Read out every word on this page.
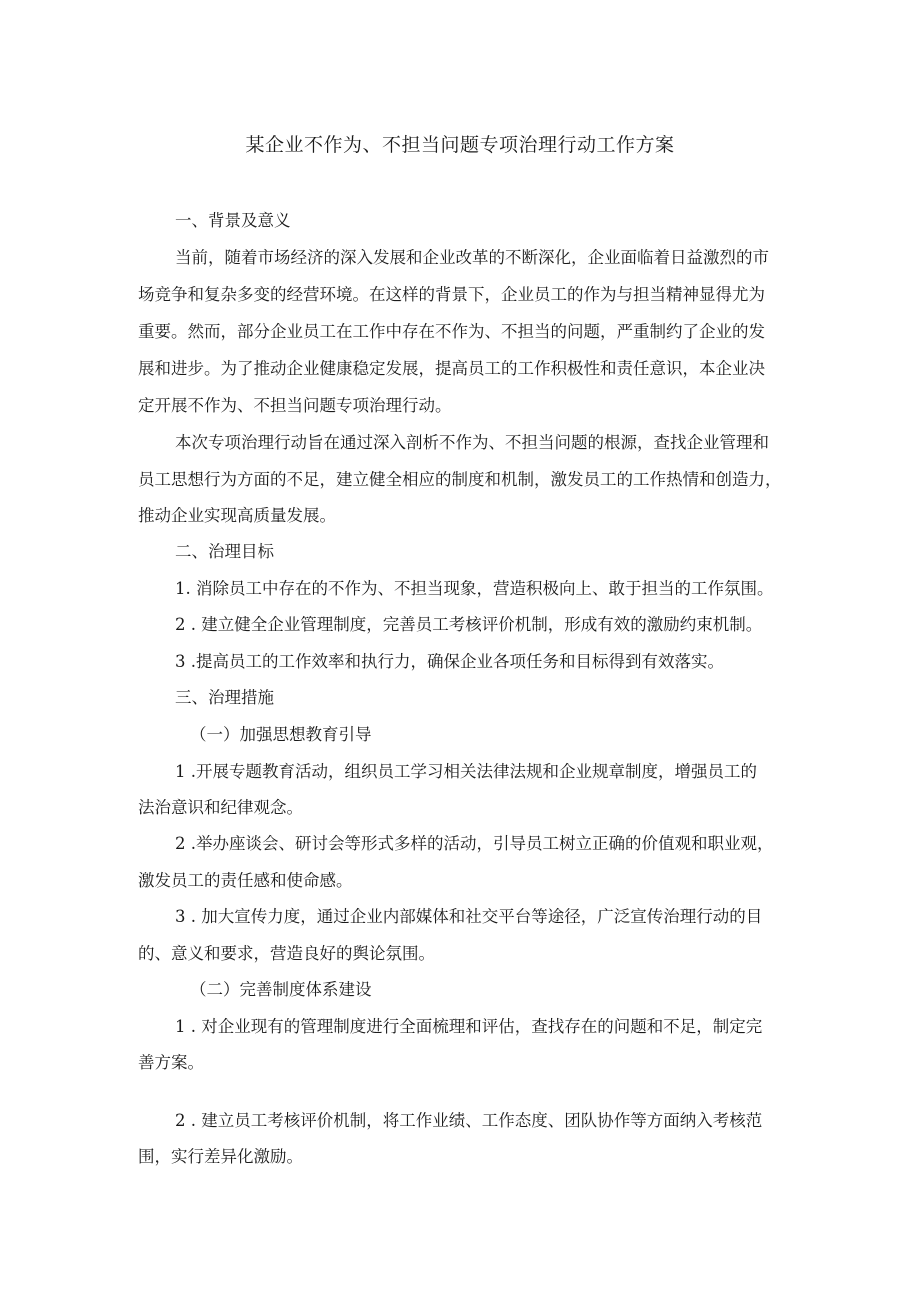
某企业不作为、不担当问题专项治理行动工作方案

一、背景及意义

当前，随着市场经济的深入发展和企业改革的不断深化，企业面临着日益激烈的市

场竞争和复杂多变的经营环境。在这样的背景下，企业员工的作为与担当精神显得尤为

重要。然而，部分企业员工在工作中存在不作为、不担当的问题，严重制约了企业的发

展和进步。为了推动企业健康稳定发展，提高员工的工作积极性和责任意识，本企业决

定开展不作为、不担当问题专项治理行动。

本次专项治理行动旨在通过深入剖析不作为、不担当问题的根源，查找企业管理和

员工思想行为方面的不足，建立健全相应的制度和机制，激发员工的工作热情和创造力，

推动企业实现高质量发展。

二、治理目标

1. 消除员工中存在的不作为、不担当现象，营造积极向上、敢于担当的工作氛围。

2 . 建立健全企业管理制度，完善员工考核评价机制，形成有效的激励约束机制。

3 .提高员工的工作效率和执行力，确保企业各项任务和目标得到有效落实。

三、治理措施

（一）加强思想教育引导

1 .开展专题教育活动，组织员工学习相关法律法规和企业规章制度，增强员工的

法治意识和纪律观念。

2 .举办座谈会、研讨会等形式多样的活动，引导员工树立正确的价值观和职业观，

激发员工的责任感和使命感。

3 . 加大宣传力度，通过企业内部媒体和社交平台等途径，广泛宣传治理行动的目

的、意义和要求，营造良好的舆论氛围。

（二）完善制度体系建设

1 . 对企业现有的管理制度进行全面梳理和评估，查找存在的问题和不足，制定完

善方案。

2 . 建立员工考核评价机制，将工作业绩、工作态度、团队协作等方面纳入考核范

围，实行差异化激励。
